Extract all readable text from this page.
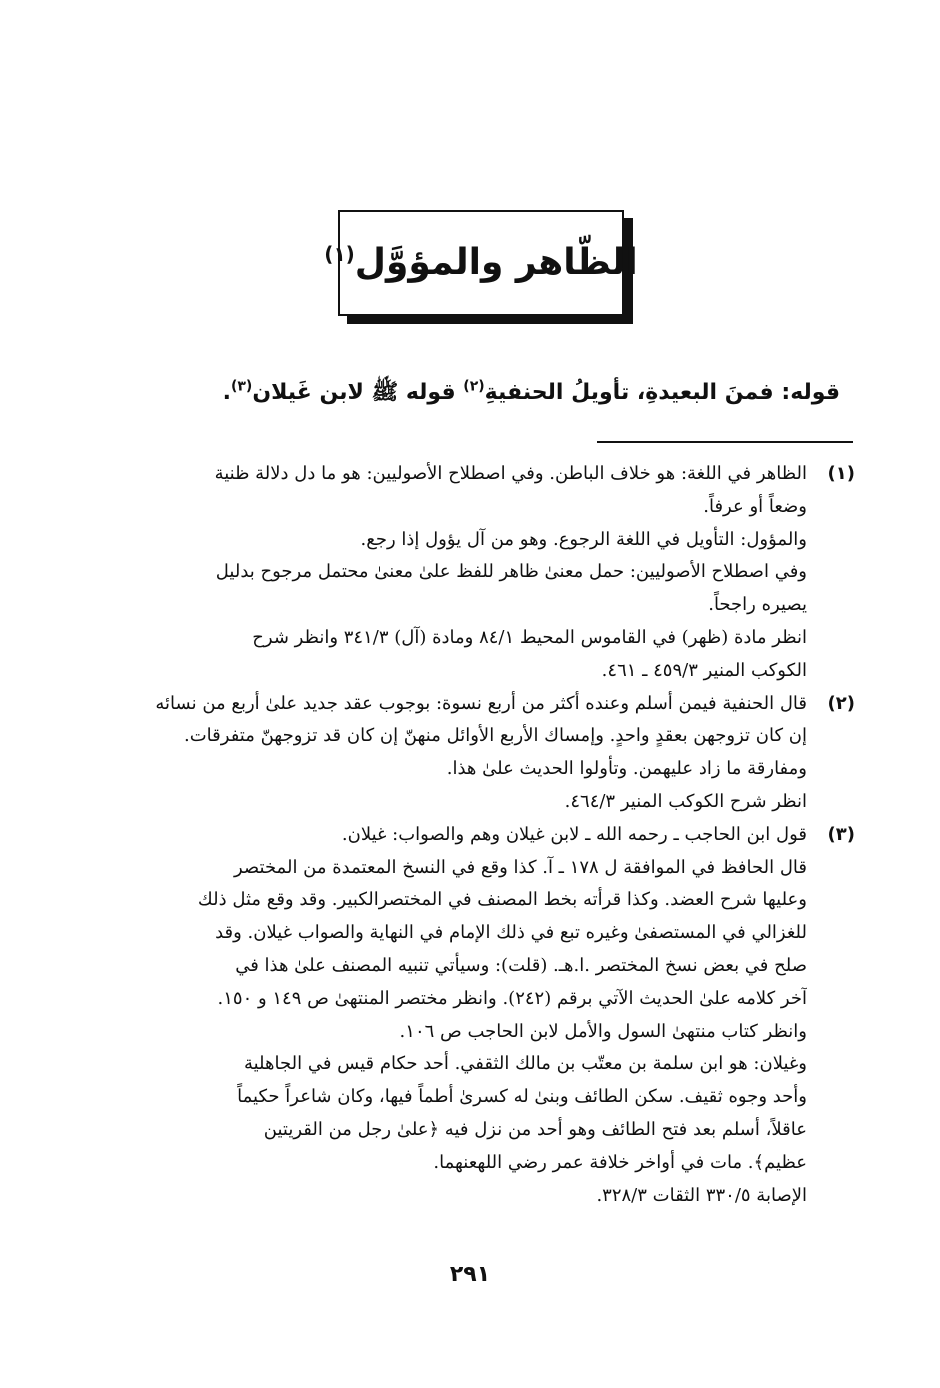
الظّاهر والمؤوَّل$^{(١)}$
قوله: فمنَ البعيدةِ، تأويلُ الحنفيةِ$^{(٢)}$ قوله ﷺ لابن غَيلان$^{(٣)}$.
(١)
الظاهر في اللغة: هو خلاف الباطن. وفي اصطلاح الأصوليين: هو ما دل دلالة ظنية
وضعاً أو عرفاً.
والمؤول: التأويل في اللغة الرجوع. وهو من آل يؤول إذا رجع.
وفي اصطلاح الأصوليين: حمل معنىٰ ظاهر للفظ علىٰ معنىٰ محتمل مرجوح بدليل
يصيره راجحاً.
انظر مادة (ظهر) في القاموس المحيط ٨٤/١ ومادة (آل) ٣٤١/٣ وانظر شرح
الكوكب المنير ٤٥٩/٣ ـ ٤٦١.
(٢)
قال الحنفية فيمن أسلم وعنده أكثر من أربع نسوة: بوجوب عقد جديد علىٰ أربع من نسائه
إن كان تزوجهن بعقدٍ واحدٍ. وإمساك الأربع الأوائل منهنّ إن كان قد تزوجهنّ متفرقات.
ومفارقة ما زاد عليهمن. وتأولوا الحديث علىٰ هذا.
انظر شرح الكوكب المنير ٤٦٤/٣.
(٣)
قول ابن الحاجب ـ رحمه الله ـ لابن غيلان وهم والصواب: غيلان.
قال الحافظ في الموافقة ل ١٧٨ ـ آ. كذا وقع في النسخ المعتمدة من المختصر
وعليها شرح العضد. وكذا قرأته بخط المصنف في المختصرالكبير. وقد وقع مثل ذلك
للغزالي في المستصفىٰ وغيره تبع في ذلك الإمام في النهاية والصواب غيلان. وقد
صلح في بعض نسخ المختصر .ا.هـ. (قلت): وسيأتي تنبيه المصنف علىٰ هذا في
آخر كلامه علىٰ الحديث الآتي برقم (٢٤٢). وانظر مختصر المنتهىٰ ص ١٤٩ و ١٥٠.
وانظر كتاب منتهىٰ السول والأمل لابن الحاجب ص ١٠٦.
وغيلان: هو ابن سلمة بن معتّب بن مالك الثقفي. أحد حكام قيس في الجاهلية
وأحد وجوه ثقيف. سكن الطائف وبنىٰ له كسرىٰ أطماً فيها، وكان شاعراً حكيماً
عاقلاً، أسلم بعد فتح الطائف وهو أحد من نزل فيه ﴿علىٰ رجل من القريتين
عظيم﴾. مات في أواخر خلافة عمر رضي اللهعنهما.
الإصابة ٣٣٠/٥ الثقات ٣٢٨/٣.
٢٩١
